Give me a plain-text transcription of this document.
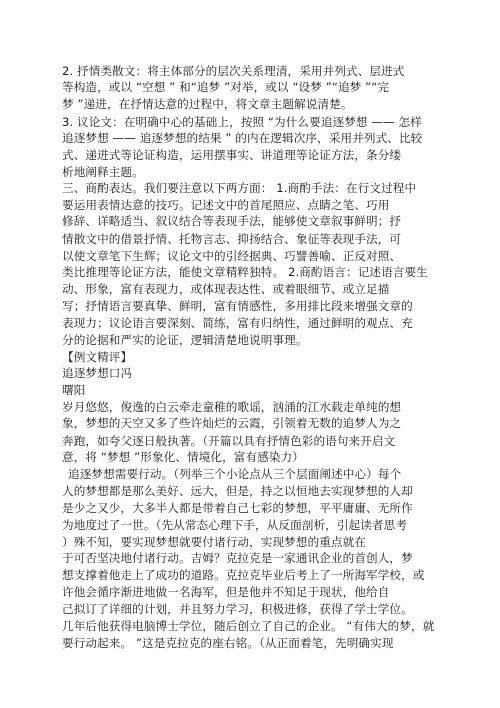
2. 抒情类散文：将主体部分的层次关系理清，采用并列式、层进式
等构造，或以 “空想 ” 和“追梦 ”对举，或以 “设梦 ”“追梦 ”“完
梦 ”递进，在抒情达意的过程中，将文章主题解说清楚。
3. 议论文：在明确中心的基础上，按照 “为什么要追逐梦想 —— 怎样
追逐梦想 —— 追逐梦想的结果 ” 的内在逻辑次序，采用并列式、比较
式、递进式等论证构造，运用摆事实、讲道理等论证方法，条分缕
析地阐释主题。
三、商酌表达。我们要注意以下两方面： 1.商酌手法：在行文过程中
要运用表情达意的技巧。记述文中的首尾照应、点睛之笔、巧用
修辞、详略适当、叙议结合等表现手法，能够使文章叙事鲜明；抒
情散文中的借景抒情、托物言志、抑扬结合、象征等表现手法，可
以使文章笔下生辉；议论文中的引经据典、巧譬善喻、正反对照、
类比推理等论证方法，能使文章精粹独特。 2.商酌语言：记述语言要生
动、形象，富有表现力，或体现表达性、或着眼细节、或立足描
写；抒情语言要真挚、鲜明，富有情感性，多用排比段来增强文章的
表现力；议论语言要深刻、简练，富有归纳性，通过鲜明的观点、充
分的论据和严实的论证，逻辑清楚地说明事理。
【例文精评】
追逐梦想口冯
曙阳
岁月悠悠，俊逸的白云牵走童稚的歌谣，汹涌的江水载走单纯的想
象，梦想的天空又多了些许灿烂的云霞，引领着无数的追梦人为之
奔跑，如夸父逐日般执著。（开篇以具有抒情色彩的语句来开启文
意，将 “梦想 ”形象化、情境化，富有感染力）
追逐梦想需要行动。（列举三个小论点从三个层面阐述中心）每个
人的梦想都是那么美好、远大，但是，持之以恒地去实现梦想的人却
是少之又少，大多半人都是带着自己七彩的梦想，平平庸庸、无所作
为地度过了一世。（先从常态心理下手，从反面剖析，引起读者思考
）殊不知，要实现梦想就要付诸行动，实现梦想的重点就在
于可否坚决地付诸行动。吉姆？克拉克是一家通讯企业的首创人，梦
想支撑着他走上了成功的道路。克拉克毕业后考上了一所海军学校，或
许他会循序渐进地做一名海军，但是他并不知足于现状，他给自
己拟订了详细的计划，并且努力学习，积极进修，获得了学士学位。
几年后他获得电脑博士学位，随后创立了自己的企业。 “有伟大的梦，就
要行动起来。 ”这是克拉克的座右铭。（从正面着笔，先明确实现
